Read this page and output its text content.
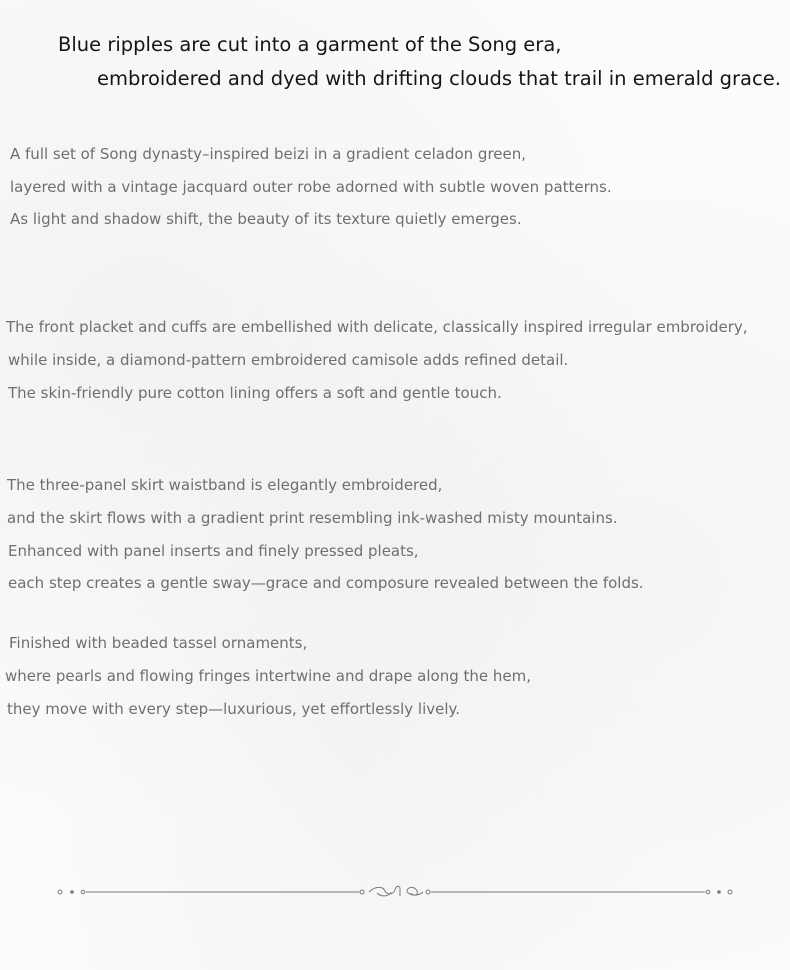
Blue ripples are cut into a garment of the Song era,
embroidered and dyed with drifting clouds that trail in emerald grace.
A full set of Song dynasty–inspired beizi in a gradient celadon green,
layered with a vintage jacquard outer robe adorned with subtle woven patterns.
As light and shadow shift, the beauty of its texture quietly emerges.
The front placket and cuffs are embellished with delicate, classically inspired irregular embroidery,
while inside, a diamond-pattern embroidered camisole adds refined detail.
The skin-friendly pure cotton lining offers a soft and gentle touch.
The three-panel skirt waistband is elegantly embroidered,
and the skirt flows with a gradient print resembling ink-washed misty mountains.
Enhanced with panel inserts and finely pressed pleats,
each step creates a gentle sway—grace and composure revealed between the folds.
Finished with beaded tassel ornaments,
where pearls and flowing fringes intertwine and drape along the hem,
they move with every step—luxurious, yet effortlessly lively.
